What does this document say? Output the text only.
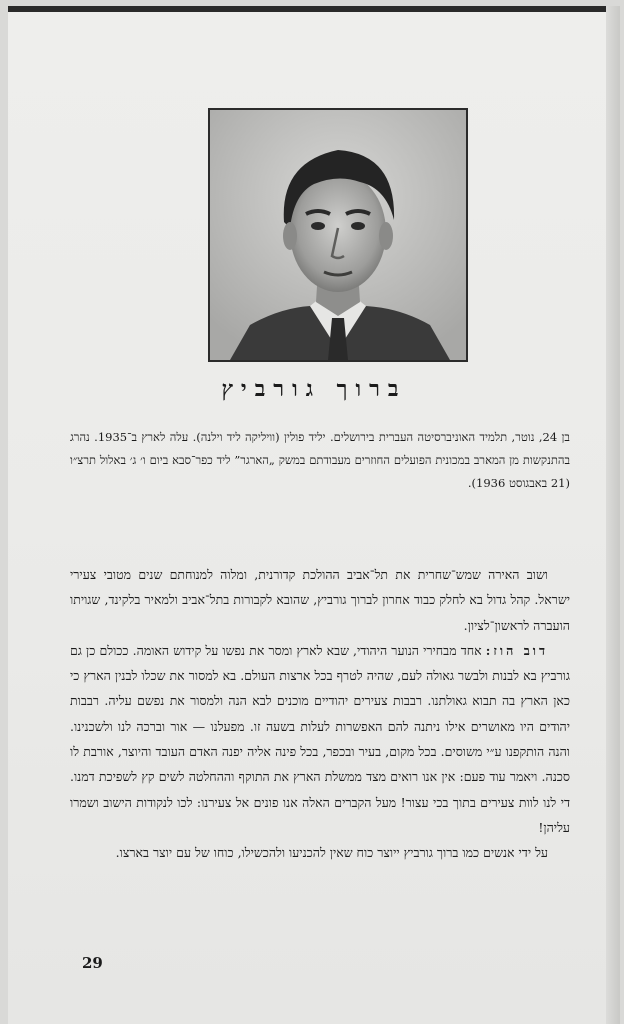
ברוך גורביץ

בן 24, נוטר, תלמיד האוניברסיטה העברית בירושלים. יליד פולין (וויליקה ליד וילנה). עלה לארץ ב־1935. נהרג בהתנקשות מן המארב במכונית הפועלים החוזרים מעבודתם במשק „הארגר” ליד כפר־סבא ביום ו׳ ג׳ באלול תרצ״ו (21 באבגוסט 1936).

ושוב האירה שמש־שחרית את תל־אביב ההולכת קדורנית, ומלוה למנוחתם שנים מטובי צעירי ישראל. קהל גדול בא לחלק כבוד אחרון לברוך גורביץ, שהובא לקבורות בתל־אביב ולמאיר בלקינד, שגויתו הועברה לראשון־לציון.

דוב הוז: אחד מבחירי הנוער היהודי, שבא לארץ ומסר את נפשו על קידוש האומה. ככולם כן גם גורביץ בא לבנות ולבשר גאולה לעם, שהיה לטרף בכל ארצות העולם. בא למסור את שכלו לבנין הארץ כי כאן הארץ בה תבוא גאולתנו. רבבות צעירים יהודיים מוכנים לבא הנה ולמסור את נפשם עליה. רבבות יהודים היו מאושרים אילו ניתנה להם האפשרות לעלות בשעה זו. מפעלנו — אור וברכה לנו ולשכנינו. והנה הותקפנו ע״י משוסים. בכל מקום, בעיר ובכפר, בכל פינה אליה יפנה האדם העובד והיוצר, אורבת לו סכנה. ויאמר עוד פעם: אין אנו רואים מצד ממשלת הארץ את התוקף וההחלטה לשים קץ לשפיכת דמנו. די לנו לוות צעירים בתוך בכי עצור! מעל הקברים האלה אנו פונים אל צעירנו: לכו לנקודות הישוב ושמרו עליהן!

על ידי אנשים כמו ברוך גורביץ ייוצר כוח שאין להכניעו ולהכשילו, כוחו של עם יוצר בארצו.

29
